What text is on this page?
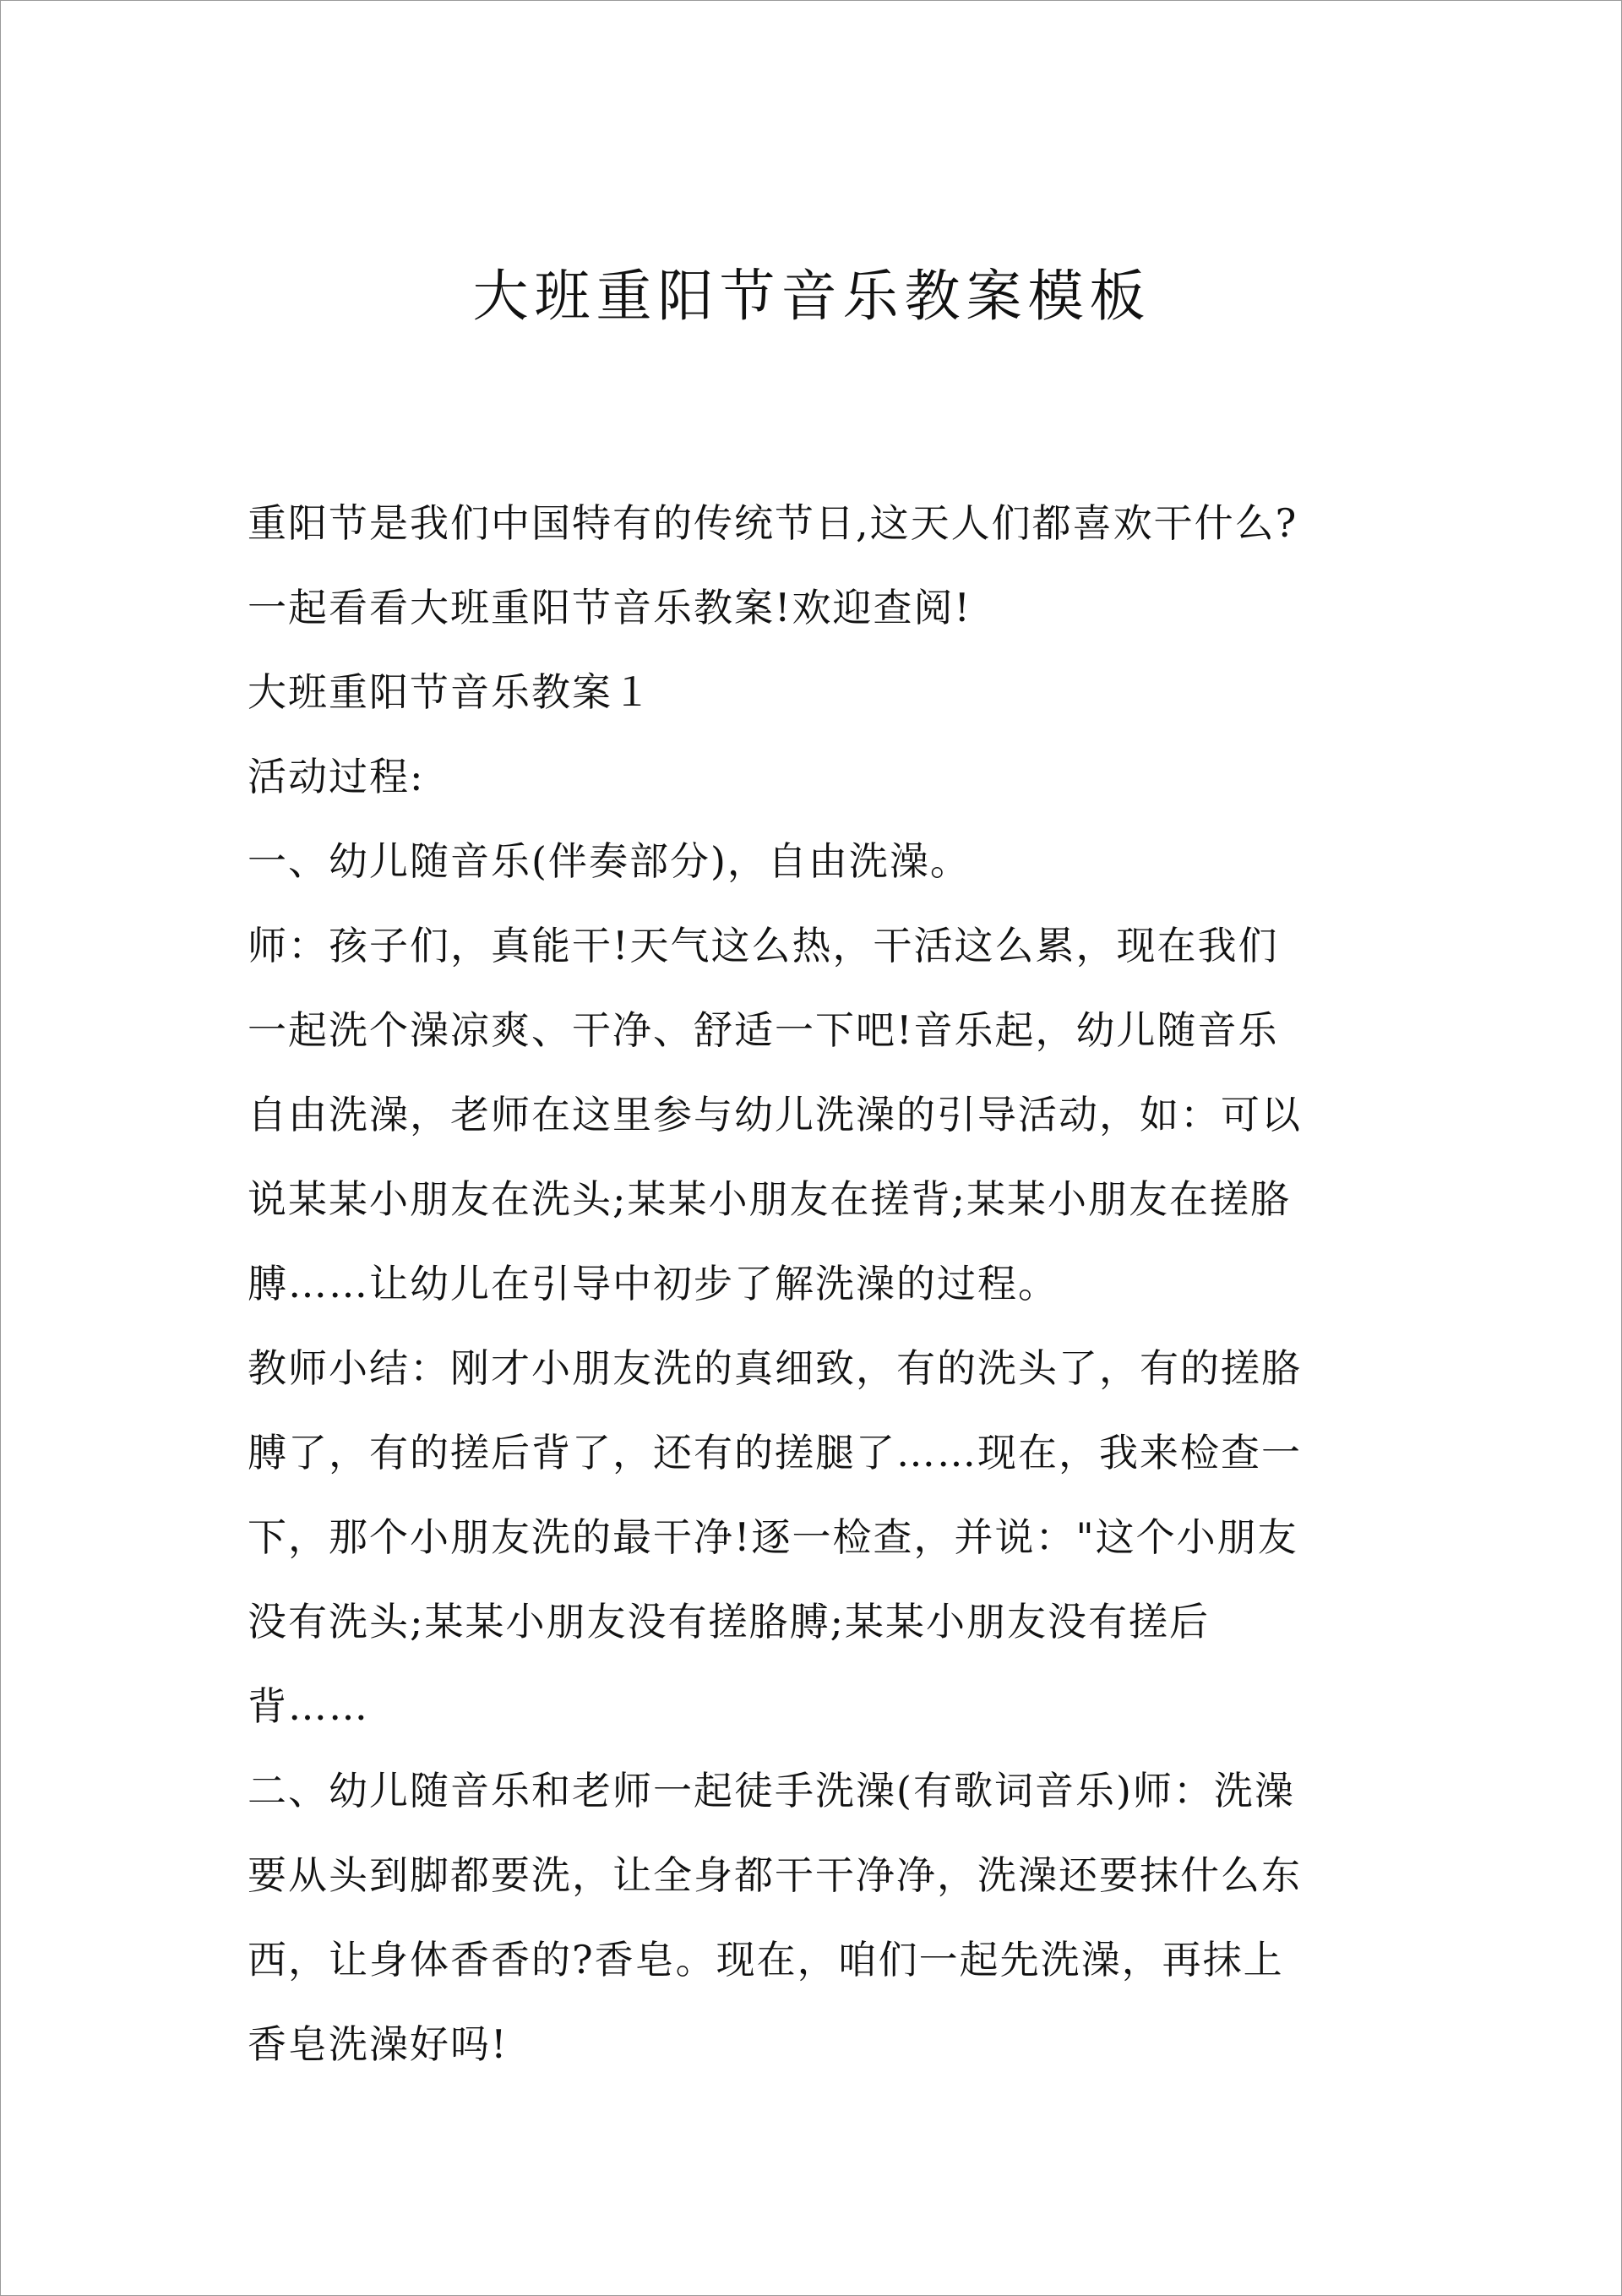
大班重阳节音乐教案模板

重阳节是我们中国特有的传统节日,这天人们都喜欢干什么?
一起看看大班重阳节音乐教案!欢迎查阅!

大班重阳节音乐教案１

活动过程:

一、幼儿随音乐(伴奏部分)，自由洗澡。

师：孩子们，真能干!天气这么热，干活这么累，现在我们
一起洗个澡凉爽、干净、舒适一下吧!音乐起，幼儿随音乐
自由洗澡，老师在这里参与幼儿洗澡的引导活动，如：可以
说某某小朋友在洗头;某某小朋友在搓背;某某小朋友在搓胳
膊……让幼儿在引导中初步了解洗澡的过程。

教师小结：刚才小朋友洗的真细致，有的洗头了，有的搓胳
膊了，有的搓后背了，还有的搓腿了……现在，我来检查一
下，那个小朋友洗的最干净!逐一检查，并说："这个小朋友
没有洗头;某某小朋友没有搓胳膊;某某小朋友没有搓后
背……

二、幼儿随音乐和老师一起徒手洗澡(有歌词音乐)师：洗澡
要从头到脚都要洗，让全身都干干净净，洗澡还要抹什么东
西，让身体香香的?香皂。现在，咱们一起先洗澡，再抹上
香皂洗澡好吗!
